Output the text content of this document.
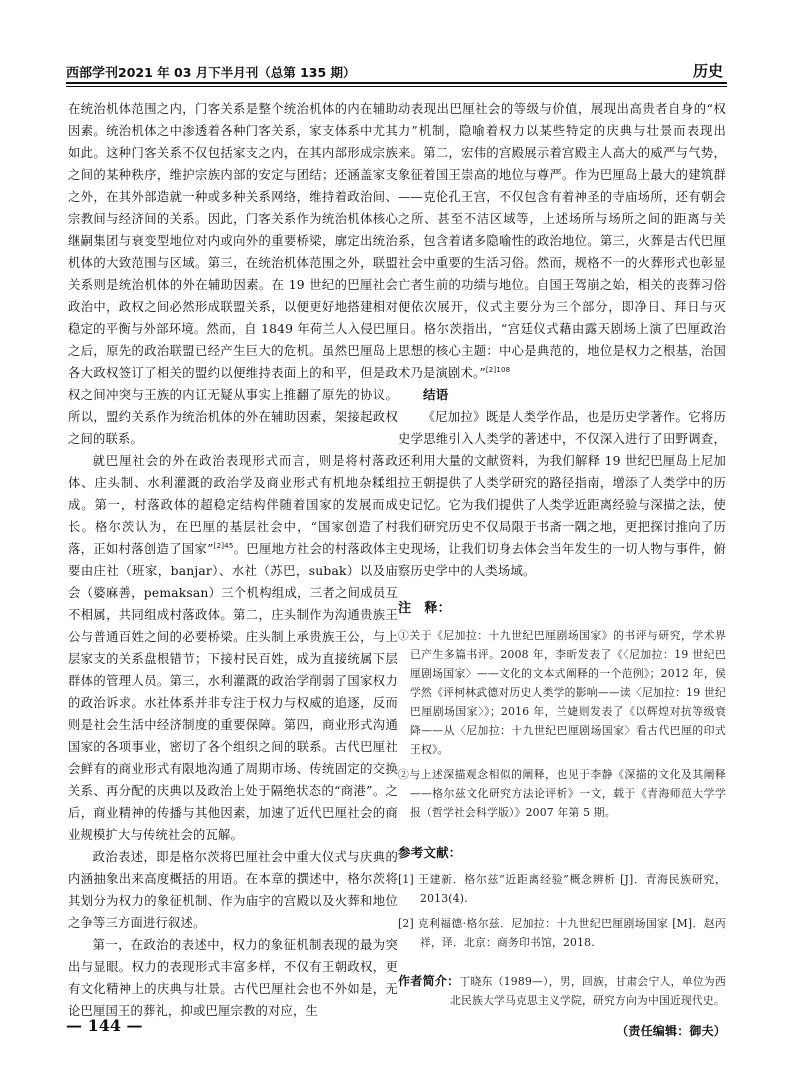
西部学刊2021 年 03 月下半月刊（总第 135 期）	历史

在统治机体范围之内，门客关系是整个统治机体的内在辅助因素。统治机体之中渗透着各种门客关系，家支体系中尤其如此。这种门客关系不仅包括家支之内，在其内部形成宗族之间的某种秩序，维护宗族内部的安定与团结；还涵盖家支之外，在其外部造就一种或多种关系网络，维持着政治间、宗教间与经济间的关系。因此，门客关系作为统治机体核心继嗣集团与衰变型地位对内或向外的重要桥梁，廓定出统治机体的大致范围与区域。第三，在统治机体范围之外，联盟关系则是统治机体的外在辅助因素。在 19 世纪的巴厘社会政治中，政权之间必然形成联盟关系，以便更好地搭建相对稳定的平衡与外部环境。然而，自 1849 年荷兰人入侵巴厘之后，原先的政治联盟已经产生巨大的危机。虽然巴厘岛上各大政权签订了相关的盟约以便维持表面上的和平，但是政权之间冲突与王族的内讧无疑从事实上推翻了原先的协议。所以，盟约关系作为统治机体的外在辅助因素，架接起政权之间的联系。

就巴厘社会的外在政治表现形式而言，则是将村落政体、庄头制、水利灌溉的政治学及商业形式有机地杂糅组成。第一，村落政体的超稳定结构伴随着国家的发展而成长。格尔茨认为，在巴厘的基层社会中，“国家创造了村落，正如村落创造了国家”$^{[2]45}$。巴厘地方社会的村落政体主要由庄社（班家，banjar）、水社（苏巴，subak）以及庙会（婆麻善，pemaksan）三个机构组成，三者之间成员互不相属，共同组成村落政体。第二，庄头制作为沟通贵族王公与普通百姓之间的必要桥梁。庄头制上承贵族王公，与上层家支的关系盘根错节；下接村民百姓，成为直接统属下层群体的管理人员。第三，水利灌溉的政治学削弱了国家权力的政治诉求。水社体系并非专注于权力与权威的追逐，反而则是社会生活中经济制度的重要保障。第四，商业形式沟通国家的各项事业，密切了各个组织之间的联系。古代巴厘社会鲜有的商业形式有限地沟通了周期市场、传统固定的交换关系、再分配的庆典以及政治上处于隔绝状态的“商港”。之后，商业精神的传播与其他因素，加速了近代巴厘社会的商业规模扩大与传统社会的瓦解。

政治表述，即是格尔茨将巴厘社会中重大仪式与庆典的内涵抽象出来高度概括的用语。在本章的撰述中，格尔茨将其划分为权力的象征机制、作为庙宇的宫殿以及火葬和地位之争等三方面进行叙述。

第一，在政治的表述中，权力的象征机制表现的最为突出与显眼。权力的表现形式丰富多样，不仅有王朝政权，更有文化精神上的庆典与壮景。古代巴厘社会也不外如是，无论巴厘国王的葬礼，抑或巴厘宗教的对应，生

动表现出巴厘社会的等级与价值，展现出高贵者自身的“权力”机制，隐喻着权力以某些特定的庆典与壮景而表现出来。第二，宏伟的宫殿展示着宫殿主人高大的威严与气势，象征着国王崇高的地位与尊严。作为巴厘岛上最大的建筑群——克伦孔王宫，不仅包含有着神圣的寺庙场所，还有朝会之所、甚至不洁区域等，上述场所与场所之间的距离与关系，包含着诸多隐喻性的政治地位。第三，火葬是古代巴厘社会中重要的生活习俗。然而，规格不一的火葬形式也彰显亡者生前的功绩与地位。自国王驾崩之始，相关的丧葬习俗便依次展开，仪式主要分为三个部分，即净日、拜日与灭日。格尔茨指出，“宫廷仪式藉由露天剧场上演了巴厘政治思想的核心主题：中心是典范的，地位是权力之根基，治国术乃是演剧术。”$^{[2]108}$

结语

《尼加拉》既是人类学作品，也是历史学著作。它将历史学思维引入人类学的著述中，不仅深入进行了田野调查，还利用大量的文献资料，为我们解释 19 世纪巴厘岛上尼加拉王朝提供了人类学研究的路径指南，增添了人类学中的历史记忆。它为我们提供了人类学近距离经验与深描之法，使我们研究历史不仅局限于书斋一隅之地，更把探讨推向了历史现场，让我们切身去体会当年发生的一切人物与事件，俯察历史学中的人类场域。

注　释：
①关于《尼加拉：十九世纪巴厘剧场国家》的书评与研究，学术界已产生多篇书评。2008 年，李昕发表了《〈尼加拉：19 世纪巴厘剧场国家〉——文化的文本式阐释的一个范例》；2012 年，侯学然《评柯林武德对历史人类学的影响——读〈尼加拉：19 世纪巴厘剧场国家〉》；2016 年，兰婕则发表了《以辉煌对抗等级衰降——从〈尼加拉：十九世纪巴厘剧场国家〉看古代巴厘的印式王权》。
②与上述深描观念相似的阐释，也见于李静《深描的文化及其阐释——格尔兹文化研究方法论评析》一文，载于《青海师范大学学报（哲学社会科学版）》2007 年第 5 期。
参考文献：
[1] 王建新．格尔兹“近距离经验”概念辨析 [J]．青海民族研究，2013(4).
[2] 克利福德·格尔兹．尼加拉：十九世纪巴厘剧场国家 [M]．赵丙祥，译．北京：商务印书馆，2018.
作者简介：丁晓东（1989—），男，回族，甘肃会宁人，单位为西北民族大学马克思主义学院，研究方向为中国近现代史。
（责任编辑：御夫）
— 144 —
